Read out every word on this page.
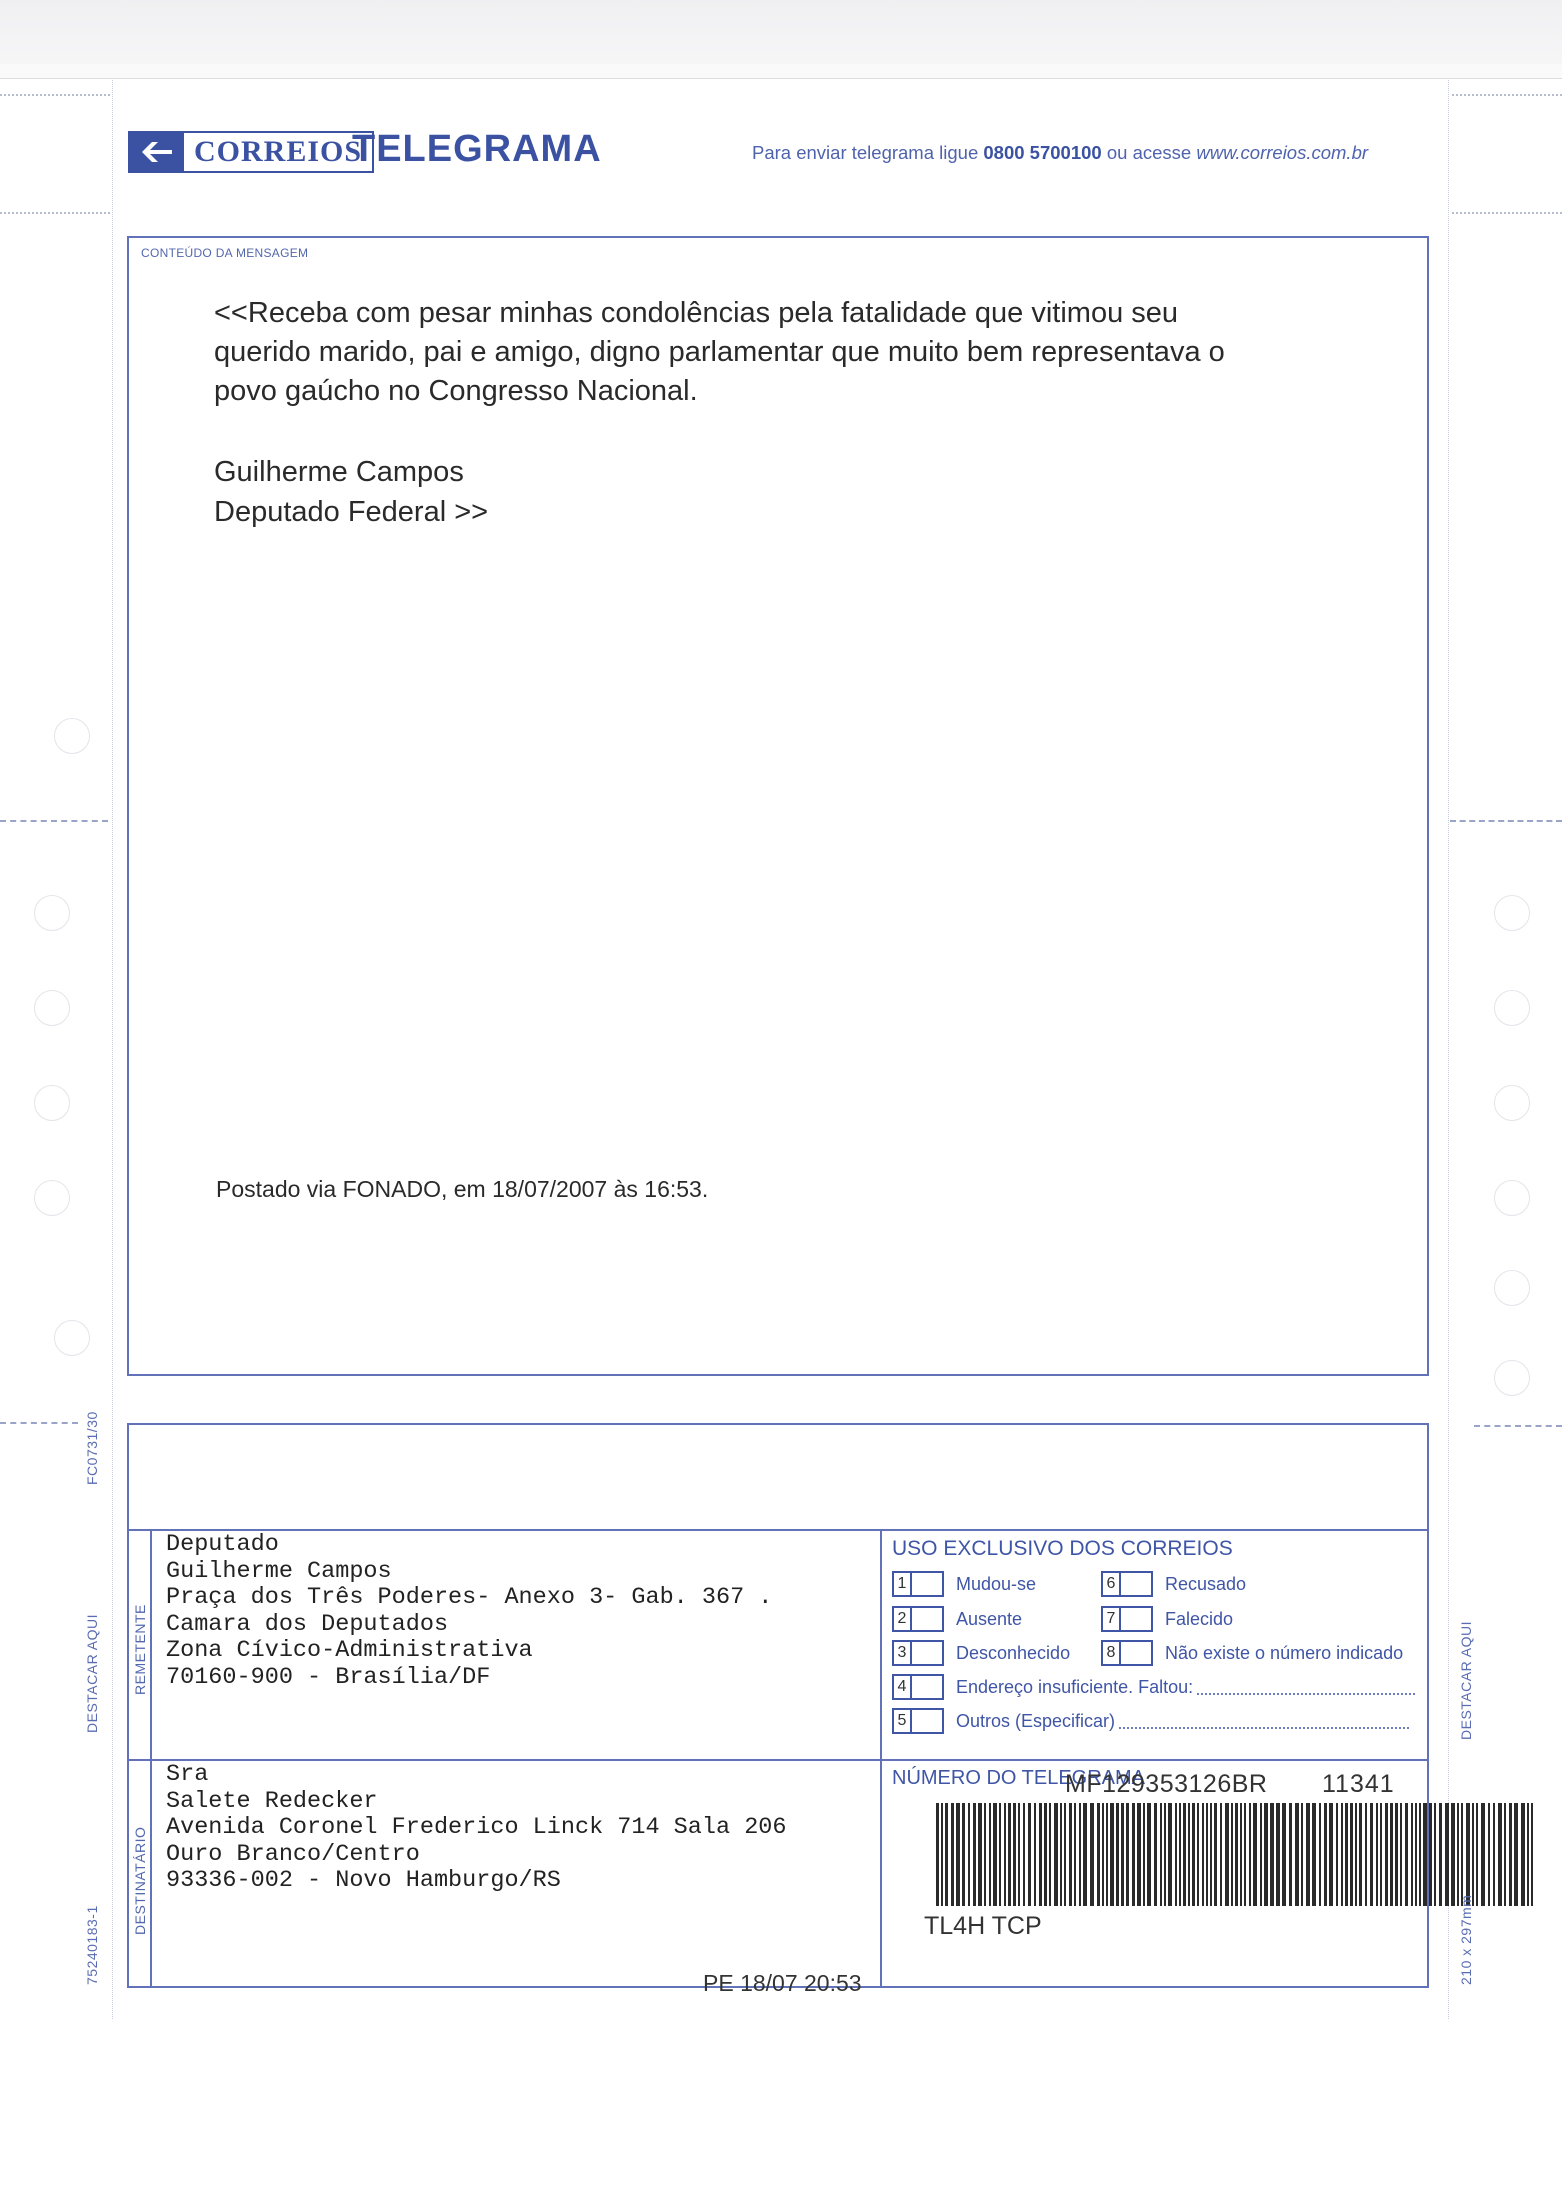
CORREIOS
TELEGRAMA	Para enviar telegrama ligue 0800 5700100 ou acesse www.correios.com.br
CONTEÚDO DA MENSAGEM
<<Receba com pesar minhas condolências pela fatalidade que vitimou seu
querido marido, pai e amigo, digno parlamentar que muito bem representava o
povo gaúcho no Congresso Nacional.
Guilherme Campos
Deputado Federal >>
Postado via FONADO, em 18/07/2007 às 16:53.
REMETENTE
DESTINATÁRIO
Deputado
Guilherme Campos
Praça dos Três Poderes- Anexo 3- Gab. 367 .
Camara dos Deputados
Zona Cívico-Administrativa
70160-900 - Brasília/DF
Sra
Salete Redecker
Avenida Coronel Frederico Linck 714 Sala 206
Ouro Branco/Centro
93336-002 - Novo Hamburgo/RS
USO EXCLUSIVO DOS CORREIOS
1	Mudou-se
2	Ausente
3	Desconhecido
4	Endereço insuficiente. Faltou:
5	Outros (Especificar)
6	Recusado
7	Falecido
8	Não existe o número indicado
NÚMERO DO TELEGRAMA
MF129353126BR 11341
TL4H TCP
PE 18/07 20:53
FC0731/30
DESTACAR AQUI	DESTACAR AQUI
75240183-1	210 x 297mm
